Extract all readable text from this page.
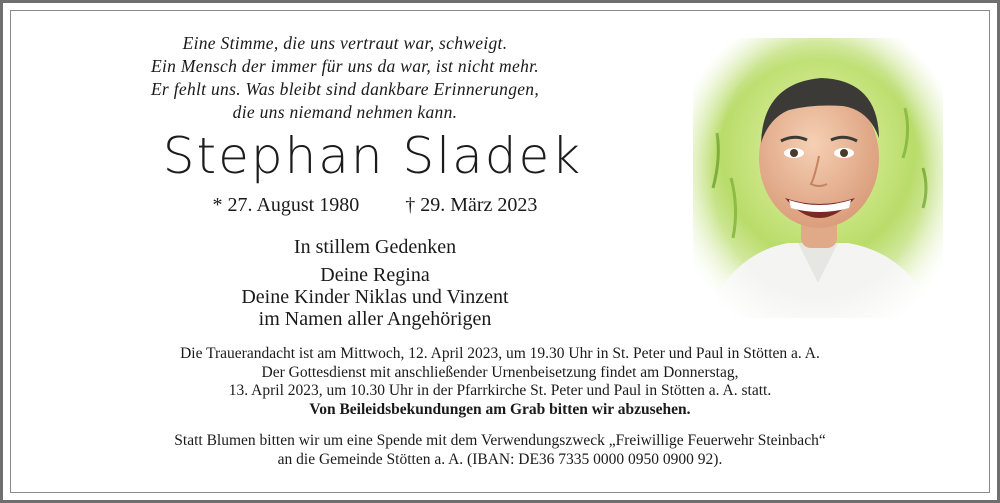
Eine Stimme, die uns vertraut war, schweigt.
Ein Mensch der immer für uns da war, ist nicht mehr.
Er fehlt uns. Was bleibt sind dankbare Erinnerungen,
die uns niemand nehmen kann.
Stephan Sladek
* 27. August 1980 † 29. März 2023
In stillem Gedenken
Deine Regina
Deine Kinder Niklas und Vinzent
im Namen aller Angehörigen
Die Trauerandacht ist am Mittwoch, 12. April 2023, um 19.30 Uhr in St. Peter und Paul in Stötten a. A.
Der Gottesdienst mit anschließender Urnenbeisetzung findet am Donnerstag,
13. April 2023, um 10.30 Uhr in der Pfarrkirche St. Peter und Paul in Stötten a. A. statt.
Von Beileidsbekundungen am Grab bitten wir abzusehen.
Statt Blumen bitten wir um eine Spende mit dem Verwendungszweck „Freiwillige Feuerwehr Steinbach“
an die Gemeinde Stötten a. A. (IBAN: DE36 7335 0000 0950 0900 92).
